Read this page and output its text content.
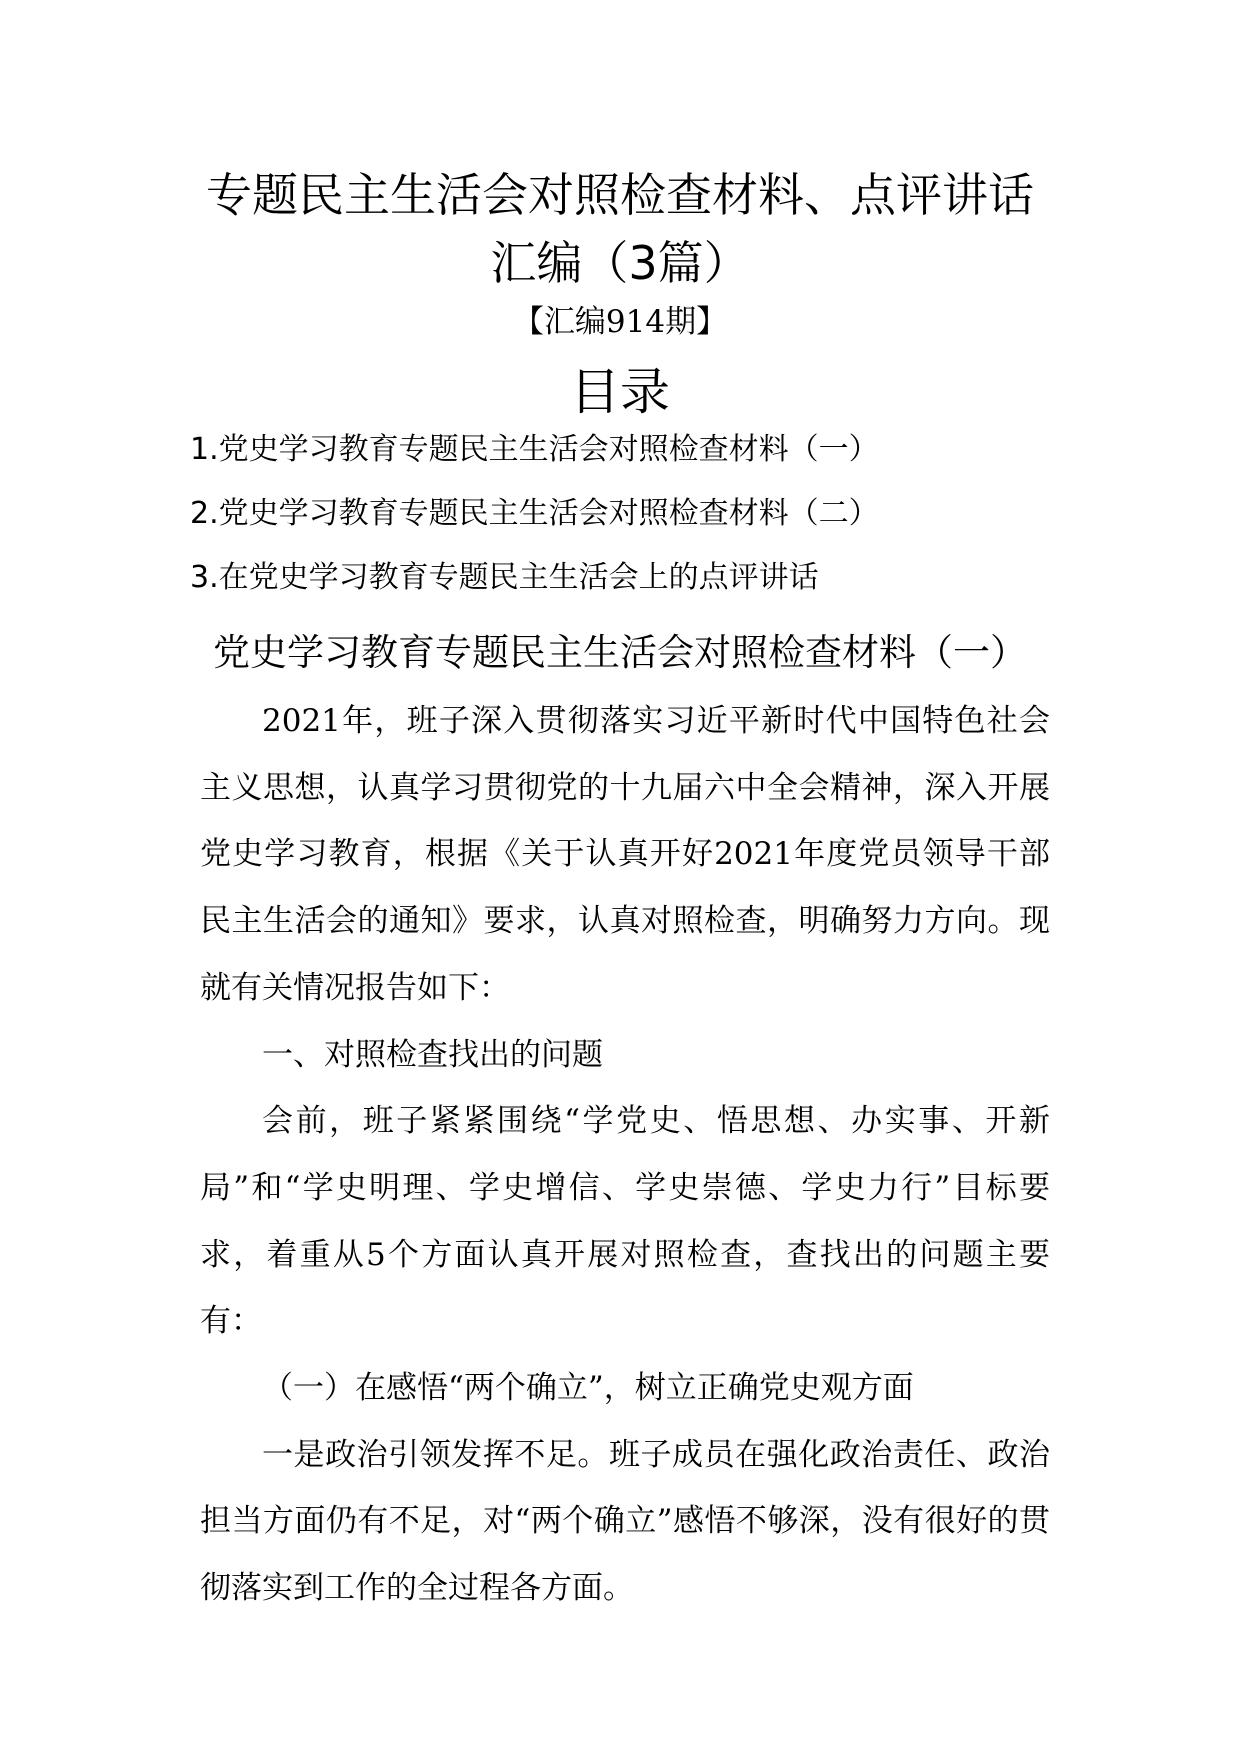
专题民主生活会对照检查材料、点评讲话
汇编（3篇）
【汇编914期】
目录
1.党史学习教育专题民主生活会对照检查材料（一）
2.党史学习教育专题民主生活会对照检查材料（二）
3.在党史学习教育专题民主生活会上的点评讲话
党史学习教育专题民主生活会对照检查材料（一）

2021年，班子深入贯彻落实习近平新时代中国特色社会主义思想，认真学习贯彻党的十九届六中全会精神，深入开展党史学习教育，根据《关于认真开好2021年度党员领导干部民主生活会的通知》要求，认真对照检查，明确努力方向。现就有关情况报告如下：

一、对照检查找出的问题

会前，班子紧紧围绕“学党史、悟思想、办实事、开新局”和“学史明理、学史增信、学史崇德、学史力行”目标要求，着重从5个方面认真开展对照检查，查找出的问题主要有：

（一）在感悟“两个确立”，树立正确党史观方面

一是政治引领发挥不足。班子成员在强化政治责任、政治担当方面仍有不足，对“两个确立”感悟不够深，没有很好的贯彻落实到工作的全过程各方面。
